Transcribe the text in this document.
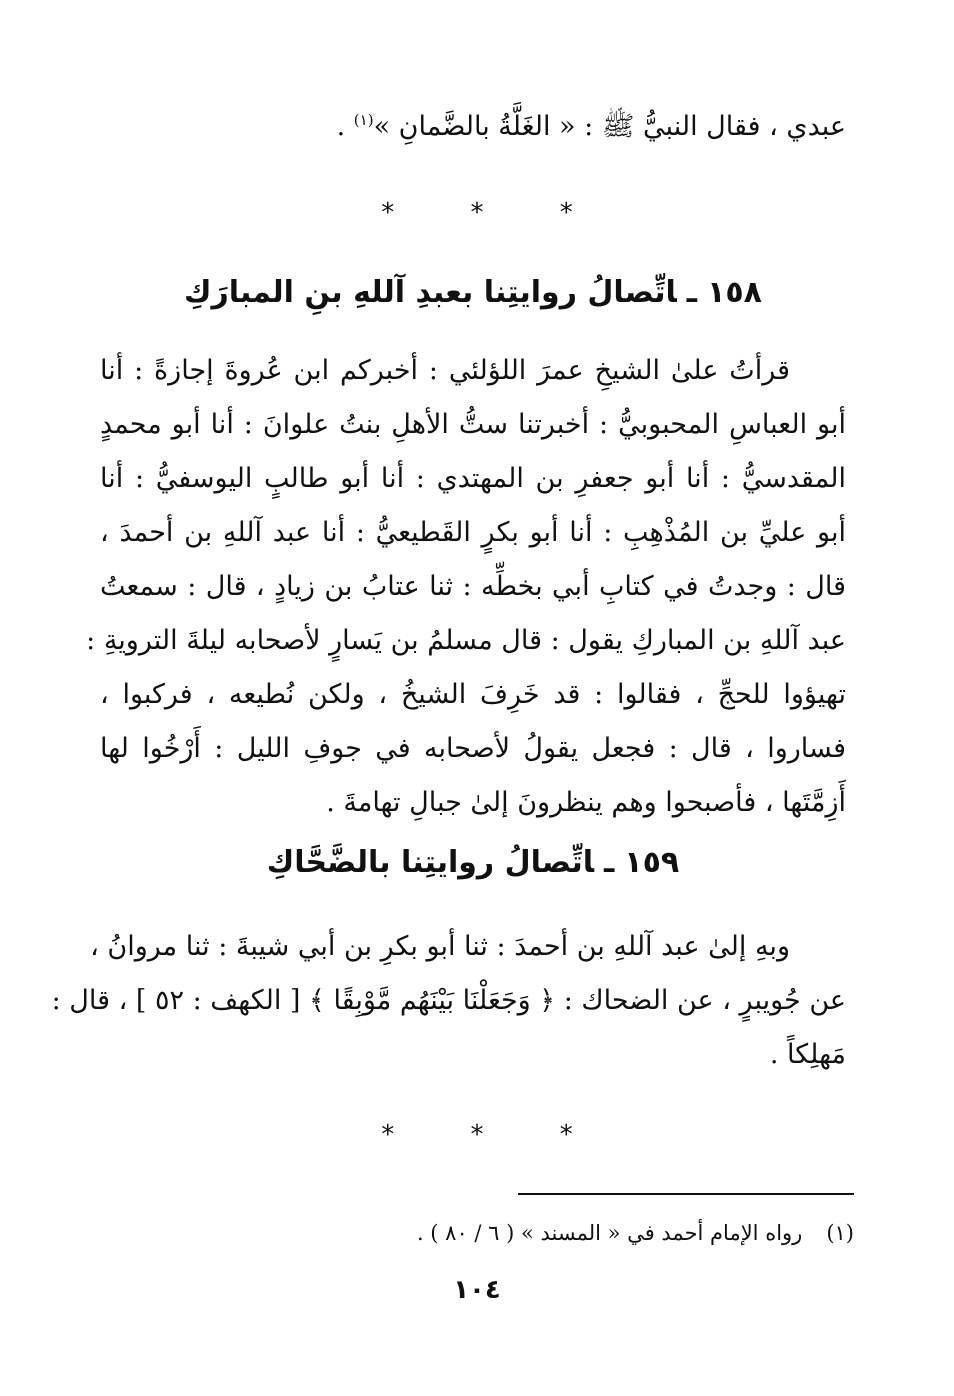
عبدي ، فقال النبيُّ ﷺ : « الغَلَّةُ بالضَّمانِ »$^{(١)}$ .
* * *
١٥٨ـاتِّصالُ روايتِنا بعبدِ آللهِ بنِ المبارَكِ
قرأتُ علىٰ الشيخِ عمرَ اللؤلئي : أخبركم ابن عُروةَ إجازةً : أنا
أبو العباسِ المحبوبيُّ : أخبرتنا ستُّ الأهلِ بنتُ علوانَ : أنا أبو محمدٍ
المقدسيُّ : أنا أبو جعفرِ بن المهتدي : أنا أبو طالبٍ اليوسفيُّ : أنا
أبو عليِّ بن المُذْهِبِ : أنا أبو بكرٍ القَطيعيُّ : أنا عبد آللهِ بن أحمدَ ،
قال : وجدتُ في كتابِ أبي بخطِّه : ثنا عتابُ بن زيادٍ ، قال : سمعتُ
عبد آللهِ بن المباركِ يقول : قال مسلمُ بن يَسارٍ لأصحابه ليلةَ الترويةِ :
تهيؤوا للحجِّ ، فقالوا : قد خَرِفَ الشيخُ ، ولكن نُطيعه ، فركبوا ،
فساروا ، قال : فجعل يقولُ لأصحابه في جوفِ الليل : أَرْخُوا لها
أَزِمَّتَها ، فأصبحوا وهم ينظرونَ إلىٰ جبالِ تهامةَ .
١٥٩ـاتِّصالُ روايتِنا بالضَّحَّاكِ
وبهِ إلىٰ عبد آللهِ بن أحمدَ : ثنا أبو بكرِ بن أبي شيبةَ : ثنا مروانُ ،
عن جُويبرٍ ، عن الضحاك : ﴿ وَجَعَلْنَا بَيْنَهُم مَّوْبِقًا ﴾ [ الكهف : ٥٢ ] ، قال :
مَهلِكاً .
* * *
(١)رواه الإمام أحمد في « المسند » ( ٦ / ٨٠ ) .
١٠٤
